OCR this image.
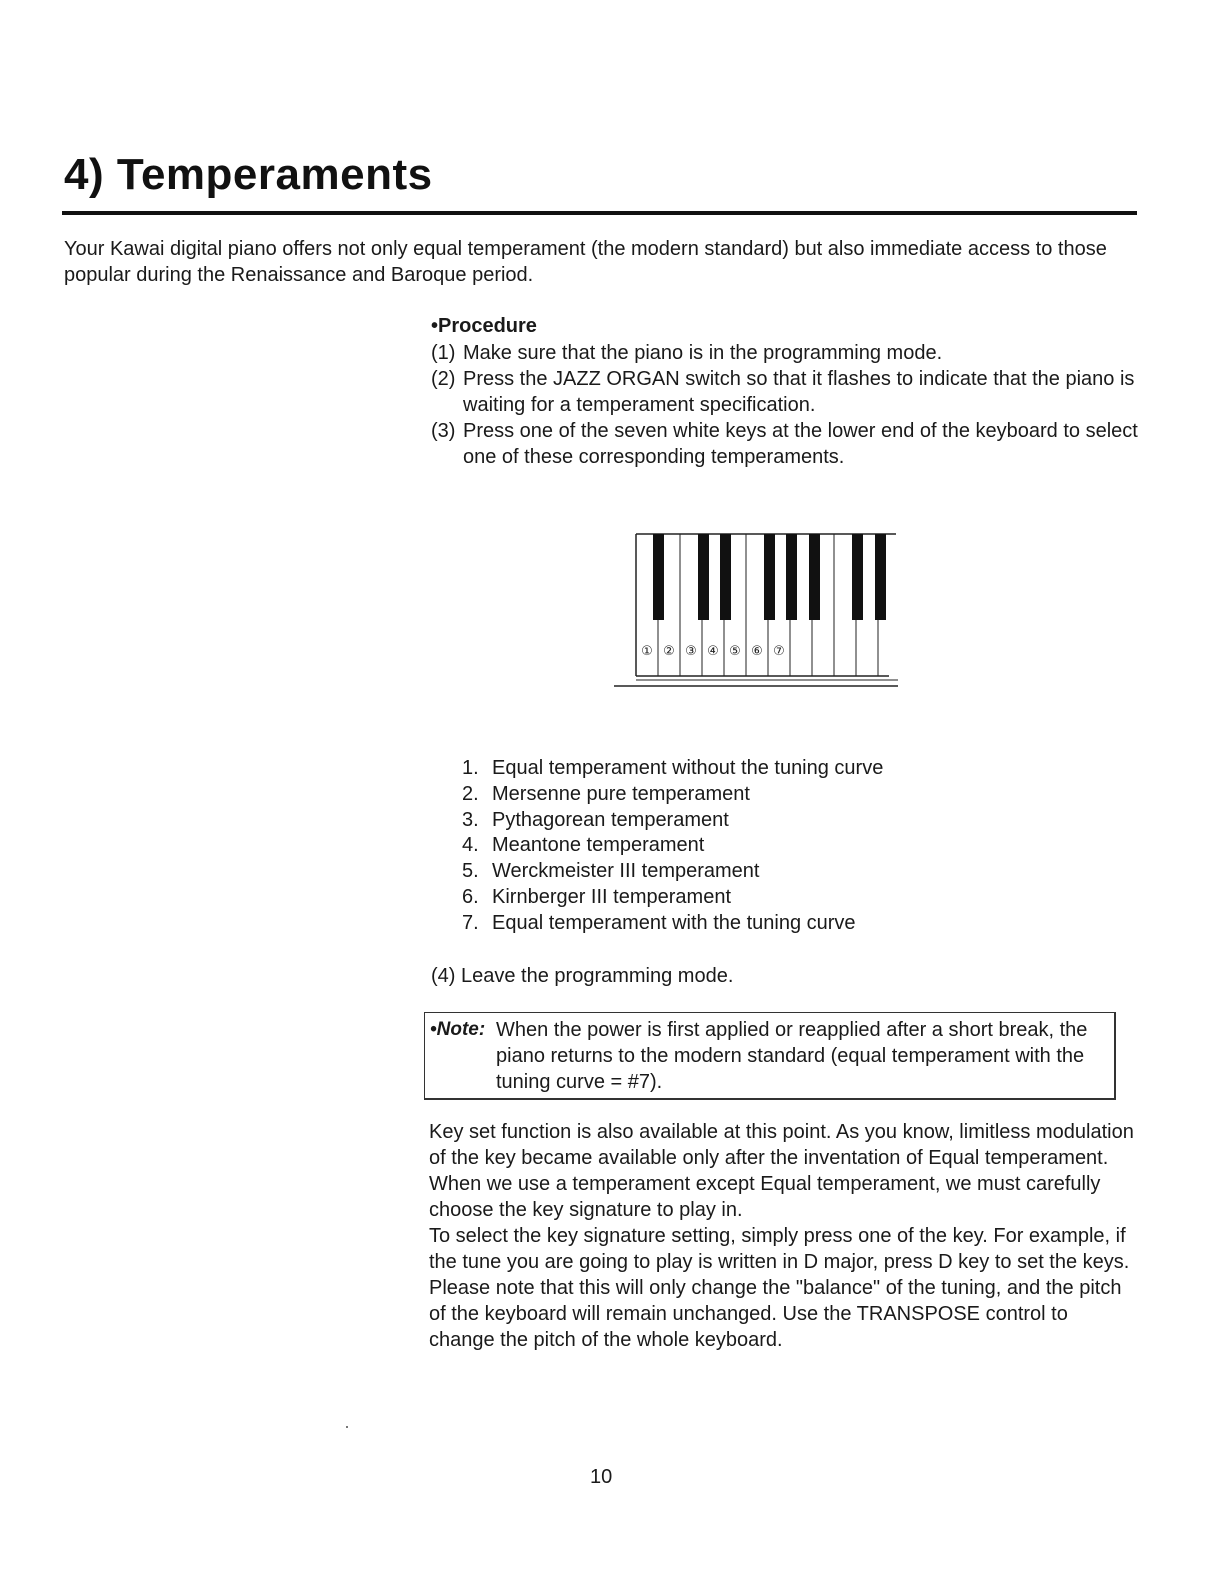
4) Temperaments

Your Kawai digital piano offers not only equal temperament (the modern standard) but also immediate access to those popular during the Renaissance and Baroque period.

•Procedure

(1) Make sure that the piano is in the programming mode.
(2) Press the JAZZ ORGAN switch so that it flashes to indicate that the piano is waiting for a temperament specification.
(3) Press one of the seven white keys at the lower end of the keyboard to select one of these corresponding temperaments.
① ② ③ ④ ⑤ ⑥ ⑦
1. Equal temperament without the tuning curve
2. Mersenne pure temperament
3. Pythagorean temperament
4. Meantone temperament
5. Werckmeister III temperament
6. Kirnberger III temperament
7. Equal temperament with the tuning curve
(4) Leave the programming mode.
•Note: When the power is first applied or reapplied after a short break, the piano returns to the modern standard (equal temperament with the tuning curve = #7).

Key set function is also available at this point. As you know, limitless modulation of the key became available only after the inventation of Equal temperament. When we use a temperament except Equal temperament, we must carefully choose the key signature to play in.

To select the key signature setting, simply press one of the key. For example, if the tune you are going to play is written in D major, press D key to set the keys.

Please note that this will only change the "balance" of the tuning, and the pitch of the keyboard will remain unchanged. Use the TRANSPOSE control to change the pitch of the whole keyboard.

10
